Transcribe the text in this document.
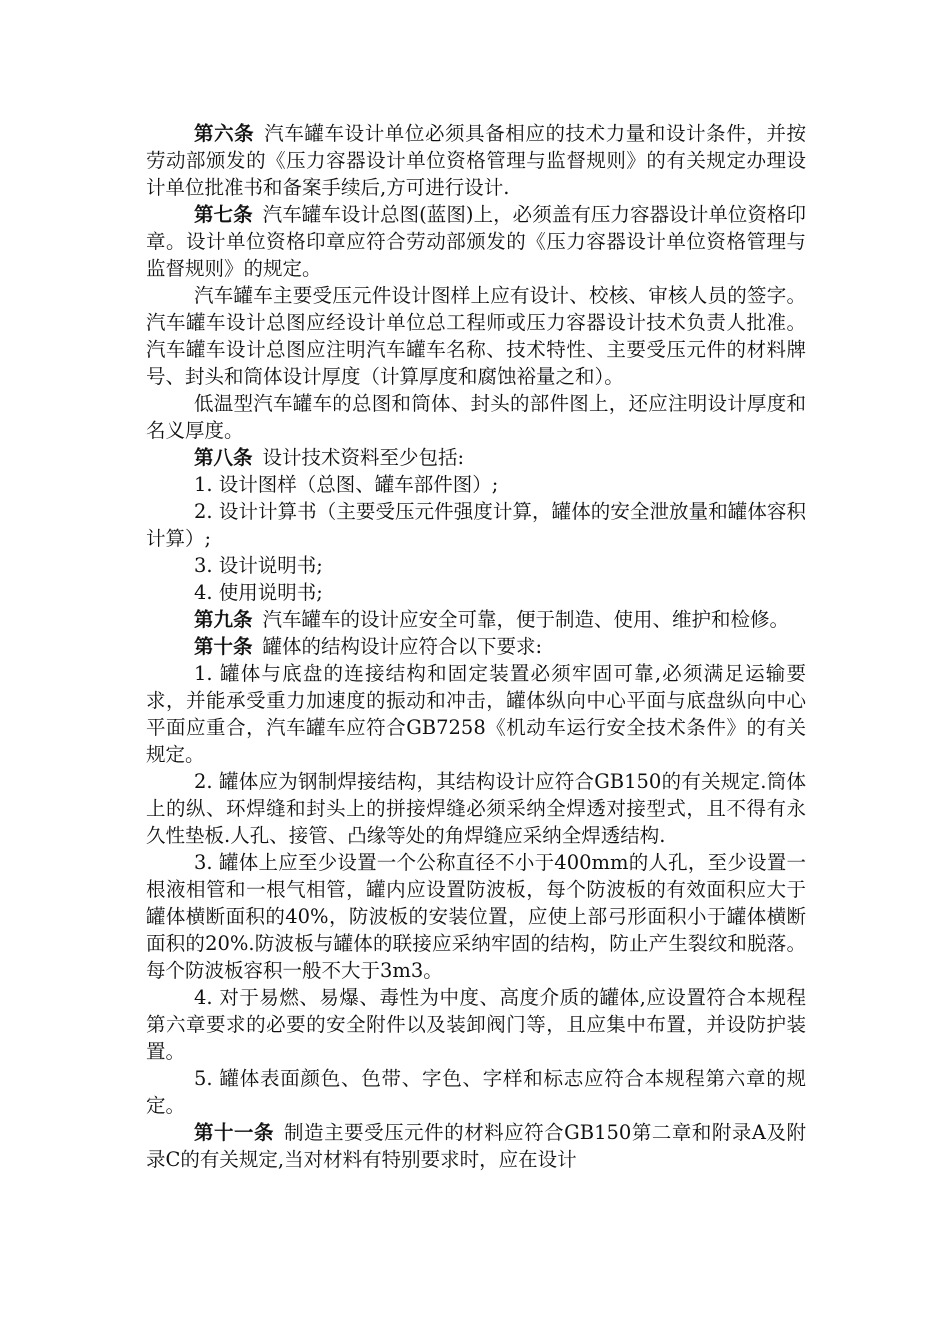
第六条 汽车罐车设计单位必须具备相应的技术力量和设计条件，并按劳动部颁发的《压力容器设计单位资格管理与监督规则》的有关规定办理设计单位批准书和备案手续后,方可进行设计.

第七条 汽车罐车设计总图(蓝图)上，必须盖有压力容器设计单位资格印章。设计单位资格印章应符合劳动部颁发的《压力容器设计单位资格管理与监督规则》的规定。

汽车罐车主要受压元件设计图样上应有设计、校核、审核人员的签字。汽车罐车设计总图应经设计单位总工程师或压力容器设计技术负责人批准。 汽车罐车设计总图应注明汽车罐车名称、技术特性、主要受压元件的材料牌号、封头和筒体设计厚度（计算厚度和腐蚀裕量之和）。

低温型汽车罐车的总图和筒体、封头的部件图上，还应注明设计厚度和名义厚度。

第八条 设计技术资料至少包括:

1. 设计图样（总图、罐车部件图）;

2. 设计计算书（主要受压元件强度计算，罐体的安全泄放量和罐体容积计算）;

3. 设计说明书;

4. 使用说明书;

第九条 汽车罐车的设计应安全可靠，便于制造、使用、维护和检修。

第十条 罐体的结构设计应符合以下要求:

1. 罐体与底盘的连接结构和固定装置必须牢固可靠,必须满足运输要求，并能承受重力加速度的振动和冲击，罐体纵向中心平面与底盘纵向中心平面应重合，汽车罐车应符合GB7258《机动车运行安全技术条件》的有关规定。

2. 罐体应为钢制焊接结构，其结构设计应符合GB150的有关规定.筒体上的纵、环焊缝和封头上的拼接焊缝必须采纳全焊透对接型式，且不得有永久性垫板.人孔、接管、凸缘等处的角焊缝应采纳全焊透结构.

3. 罐体上应至少设置一个公称直径不小于400mm的人孔，至少设置一根液相管和一根气相管，罐内应设置防波板，每个防波板的有效面积应大于罐体横断面积的40%，防波板的安装位置，应使上部弓形面积小于罐体横断面积的20%.防波板与罐体的联接应采纳牢固的结构，防止产生裂纹和脱落。每个防波板容积一般不大于3m3。

4. 对于易燃、易爆、毒性为中度、高度介质的罐体,应设置符合本规程第六章要求的必要的安全附件以及装卸阀门等，且应集中布置，并设防护装置。

5. 罐体表面颜色、色带、字色、字样和标志应符合本规程第六章的规定。

第十一条 制造主要受压元件的材料应符合GB150第二章和附录A及附录C的有关规定,当对材料有特别要求时，应在设计
